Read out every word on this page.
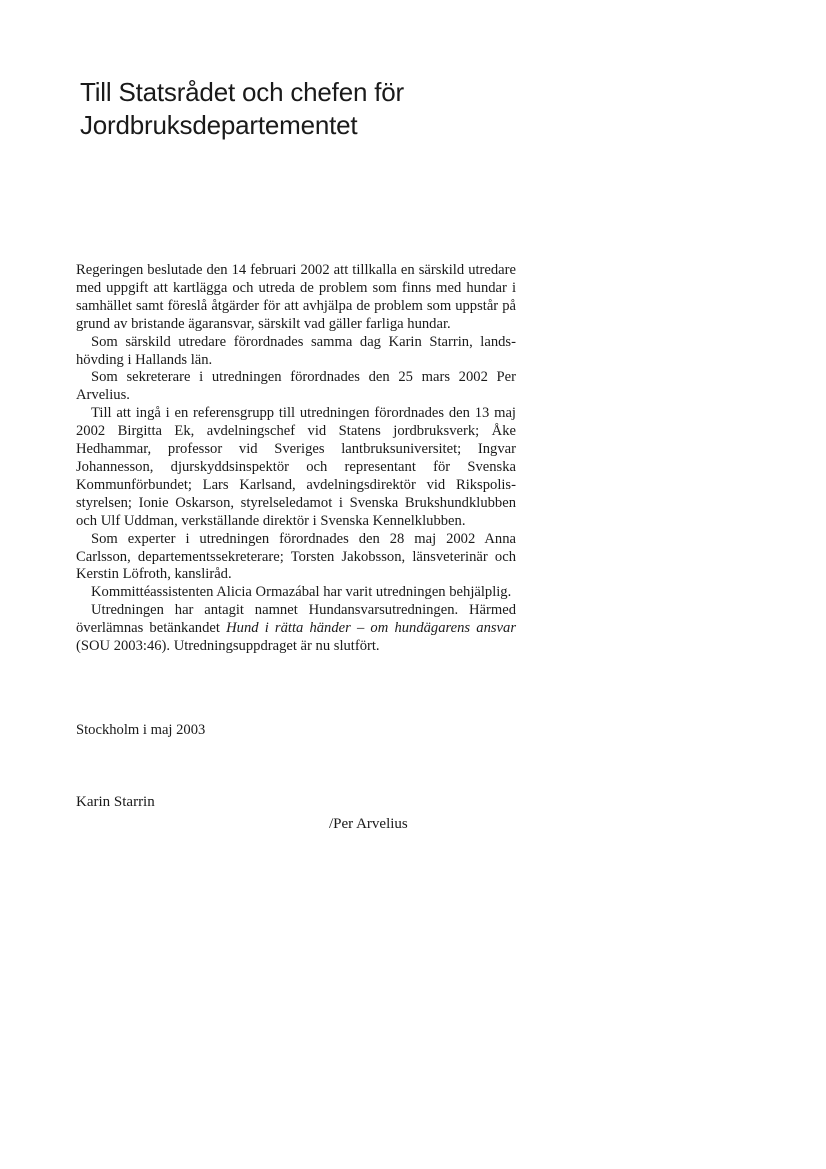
Till Statsrådet och chefen för
Jordbruksdepartementet

Regeringen beslutade den 14 februari 2002 att tillkalla en särskild utredare med uppgift att kartlägga och utreda de problem som finns med hundar i samhället samt föreslå åtgärder för att avhjälpa de problem som uppstår på grund av bristande ägaransvar, särskilt vad gäller farliga hundar.

Som särskild utredare förordnades samma dag Karin Starrin, landshövding i Hallands län.

Som sekreterare i utredningen förordnades den 25 mars 2002 Per Arvelius.

Till att ingå i en referensgrupp till utredningen förordnades den 13 maj 2002 Birgitta Ek, avdelningschef vid Statens jordbruksverk; Åke Hedhammar, professor vid Sveriges lantbruksuniversitet; Ingvar Johannesson, djurskyddsinspektör och representant för Svenska Kommunförbundet; Lars Karlsand, avdelningsdirektör vid Rikspolisstyrelsen; Ionie Oskarson, styrelseledamot i Svenska Brukshundklubben och Ulf Uddman, verkställande direktör i Svenska Kennelklubben.

Som experter i utredningen förordnades den 28 maj 2002 Anna Carlsson, departementssekreterare; Torsten Jakobsson, länsveterinär och Kerstin Löfroth, kansliråd.

Kommittéassistenten Alicia Ormazábal har varit utredningen behjälplig.

Utredningen har antagit namnet Hundansvarsutredningen. Härmed överlämnas betänkandet Hund i rätta händer – om hundägarens ansvar (SOU 2003:46). Utredningsuppdraget är nu slutfört.

Stockholm i maj 2003

Karin Starrin

/Per Arvelius
